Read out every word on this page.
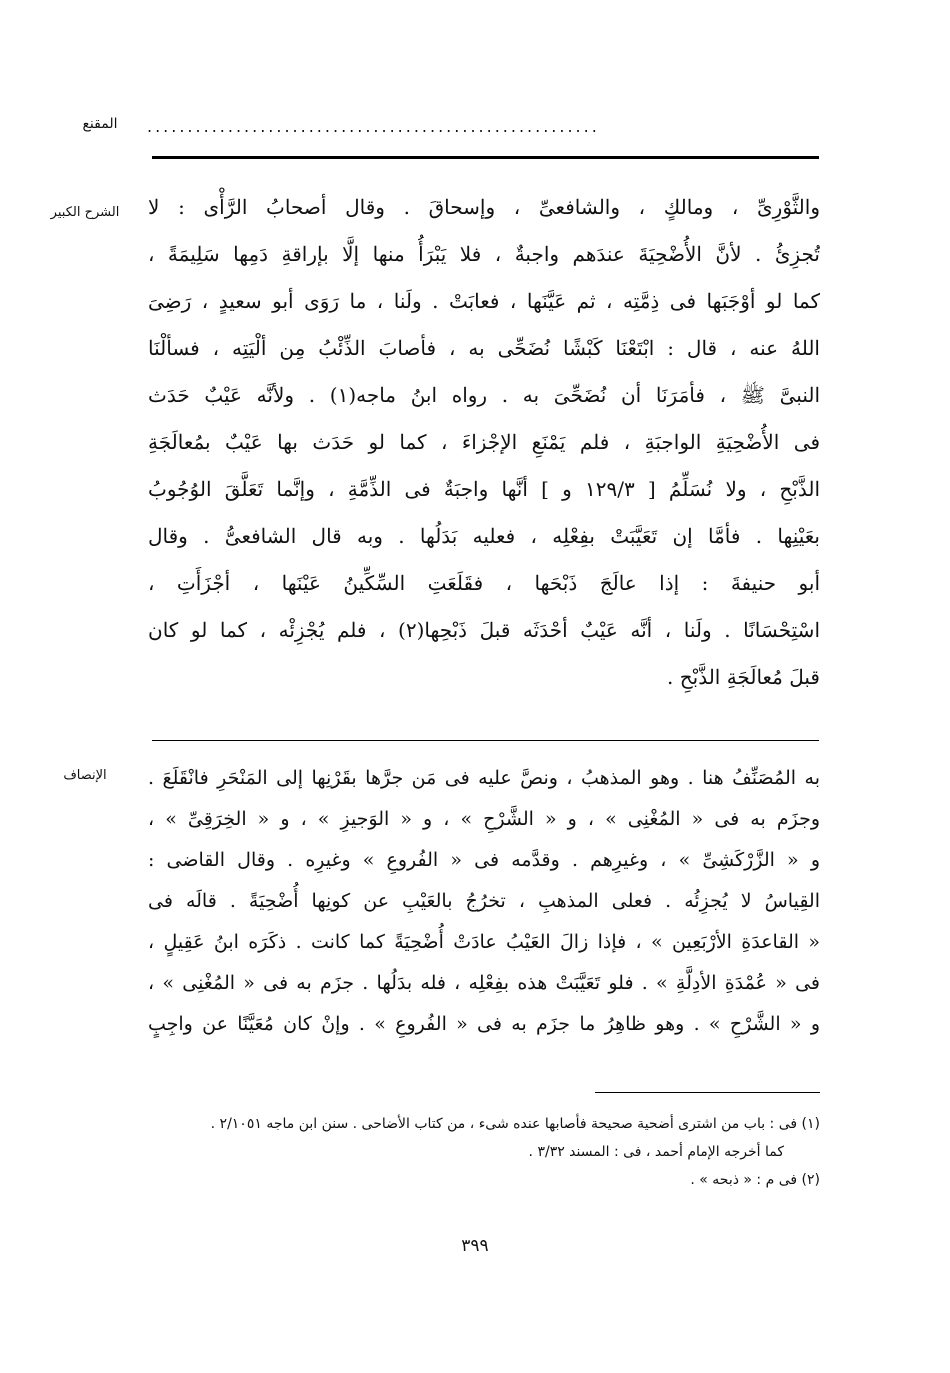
المقنع ........................................................
الشرح الكبير	والثَّوْرِىِّ ، ومالكٍ ، والشافعىِّ ، وإسحاقَ . وقال أصحابُ الرَّأْى : لا
تُجزِئُ . لأنَّ الأُضْحِيَةَ عندَهم واجبةٌ ، فلا يَبْرَأُ منها إلَّا بإراقةِ دَمِها سَلِيمَةً ،
كما لو أوْجَبَها فى ذِمَّتِه ، ثم عَيَّنَها ، فعابَتْ . ولَنا ، ما رَوَى أبو سعيدٍ ، رَضِىَ
اللهُ عنه ، قال : ابْتَعْنَا كَبْشًا نُضَحِّى به ، فأصابَ الذِّئْبُ مِن ألْيَتِه ، فسألْنَا
النبىَّ ﷺ ، فأمَرَنَا أن نُضَحِّىَ به . رواه ابنُ ماجه(١) . ولأنَّه عَيْبٌ حَدَث
فى الأُضْحِيَةِ الواجبَةِ ، فلم يَمْنَعِ الإجْزاءَ ، كما لو حَدَث بها عَيْبٌ بمُعالَجَةِ
الذَّبْحِ ، ولا نُسَلِّمُ [ ١٢٩/٣ و ] أنَّها واجبَةٌ فى الذِّمَّةِ ، وإنَّما تَعَلَّقَ الوُجُوبُ
بعَيْنِها . فأمَّا إن تَعَيَّبَتْ بفِعْلِه ، فعليه بَدَلُها . وبه قال الشافعىُّ . وقال
أبو حنيفةَ : إذا عالَجَ ذَبْحَها ، فقَلَعَتِ السِّكِّينُ عَيْنَها ، أجْزَأَتِ ،
اسْتِحْسَانًا . ولَنا ، أنَّه عَيْبٌ أحْدَثَه قبلَ ذَبْحِها(٢) ، فلم يُجْزِئْه ، كما لو كان
قبلَ مُعالَجَةِ الذَّبْحِ .
الإنصاف	به المُصَنِّفُ هنا . وهو المذهبُ ، ونصَّ عليه فى مَن جرَّها بقَرْنِها إلى المَنْحَرِ فانْقَلَعَ .
وجزَم به فى « المُغْنِى » ، و « الشَّرْحِ » ، و « الوَجيزِ » ، و « الخِرَقِىِّ » ،
و « الزَّرْكَشِىِّ » ، وغيرِهم . وقدَّمه فى « الفُروعِ » وغيرِه . وقال القاضى :
القِياسُ لا يُجزِئُه . فعلى المذهبِ ، تخرُجُ بالعَيْبِ عن كونِها أُضْحِيَةً . قالَه فى
« القاعدَةِ الأرْبَعِين » ، فإذا زالَ العَيْبُ عادَتْ أُضْحِيَةً كما كانت . ذكَرَه ابنُ عَقِيلٍ ،
فى « عُمْدَةِ الأدِلَّةِ » . فلو تَعَيَّبَتْ هذه بفِعْلِه ، فله بدَلُها . جزَم به فى « المُغْنِى » ،
و « الشَّرْحِ » . وهو ظاهِرُ ما جزَم به فى « الفُروعِ » . وإنْ كان مُعَيَّنًا عن واجِبٍ
(١) فى : باب من اشترى أضحية صحيحة فأصابها عنده شىء ، من كتاب الأضاحى . سنن ابن ماجه ٢/١٠٥١ .
كما أخرجه الإمام أحمد ، فى : المسند ٣/٣٢ .
(٢) فى م : « ذبحه » .
٣٩٩
